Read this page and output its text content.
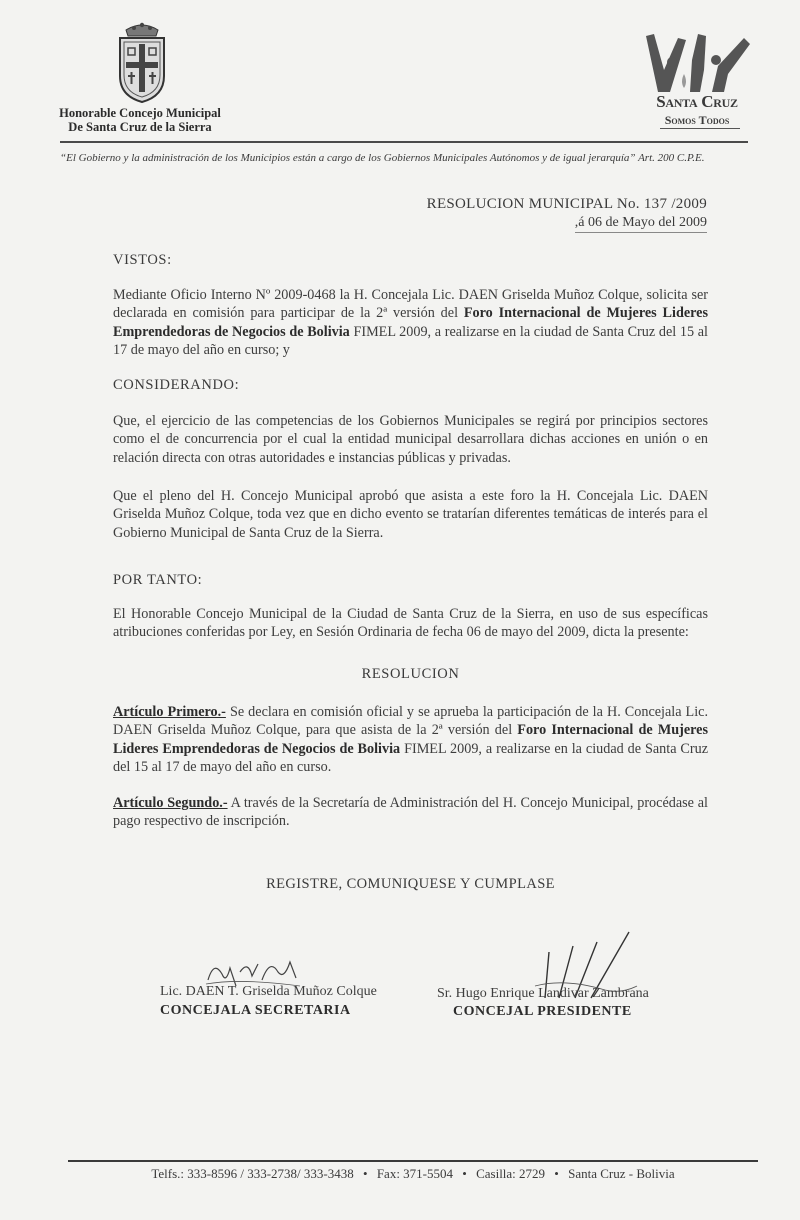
Honorable Concejo Municipal
De Santa Cruz de la Sierra
Santa Cruz
Somos Todos
“El Gobierno y la administración de los Municipios están a cargo de los Gobiernos Municipales Autónomos y de igual jerarquía” Art. 200 C.P.E.
RESOLUCION MUNICIPAL No. 137 /2009
,á 06 de Mayo del 2009
VISTOS:
Mediante Oficio Interno Nº 2009-0468 la H. Concejala Lic. DAEN Griselda Muñoz Colque, solicita ser declarada en comisión para participar de la 2ª versión del Foro Internacional de Mujeres Lideres Emprendedoras de Negocios de Bolivia FIMEL 2009, a realizarse en la ciudad de Santa Cruz del 15 al 17 de mayo del año en curso; y
CONSIDERANDO:
Que, el ejercicio de las competencias de los Gobiernos Municipales se regirá por principios sectores como el de concurrencia por el cual la entidad municipal desarrollara dichas acciones en unión o en relación directa con otras autoridades e instancias públicas y privadas.
Que el pleno del H. Concejo Municipal aprobó que asista a este foro la H. Concejala Lic. DAEN Griselda Muñoz Colque, toda vez que en dicho evento se tratarían diferentes temáticas de interés para el Gobierno Municipal de Santa Cruz de la Sierra.
POR TANTO:
El Honorable Concejo Municipal de la Ciudad de Santa Cruz de la Sierra, en uso de sus específicas atribuciones conferidas por Ley, en Sesión Ordinaria de fecha 06 de mayo del 2009, dicta la presente:
RESOLUCION
Artículo Primero.- Se declara en comisión oficial y se aprueba la participación de la H. Concejala Lic. DAEN Griselda Muñoz Colque, para que asista de la 2ª versión del Foro Internacional de Mujeres Lideres Emprendedoras de Negocios de Bolivia FIMEL 2009, a realizarse en la ciudad de Santa Cruz del 15 al 17 de mayo del año en curso.
Artículo Segundo.- A través de la Secretaría de Administración del H. Concejo Municipal, procédase al pago respectivo de inscripción.
REGISTRE, COMUNIQUESE Y CUMPLASE
Lic. DAEN T. Griselda Muñoz Colque
CONCEJALA SECRETARIA
Sr. Hugo Enrique Landivar Zambrana
CONCEJAL PRESIDENTE
Telfs.: 333-8596 / 333-2738/ 333-3438 • Fax: 371-5504 • Casilla: 2729 • Santa Cruz - Bolivia
